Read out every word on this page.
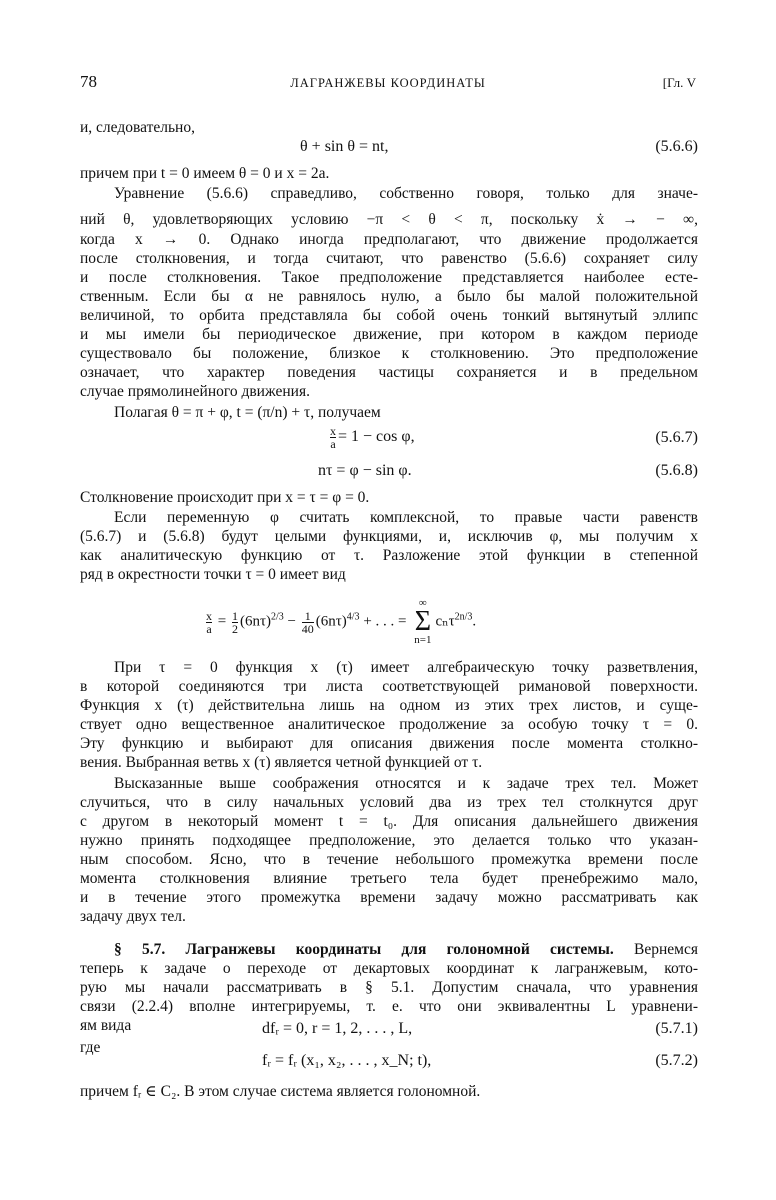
78	ЛАГРАНЖЕВЫ КООРДИНАТЫ	[Гл. V
и, следовательно,
θ + sin θ = nt,	(5.6.6)
причем при t = 0 имеем θ = 0 и x = 2a.
Уравнение (5.6.6) справедливо, собственно говоря, только для значе-
ний θ, удовлетворяющих условию −π < θ < π, поскольку ẋ → − ∞,
когда x → 0. Однако иногда предполагают, что движение продолжается
после столкновения, и тогда считают, что равенство (5.6.6) сохраняет силу
и после столкновения. Такое предположение представляется наиболее есте-
ственным. Если бы α не равнялось нулю, а было бы малой положительной
величиной, то орбита представляла бы собой очень тонкий вытянутый эллипс
и мы имели бы периодическое движение, при котором в каждом периоде
существовало бы положение, близкое к столкновению. Это предположение
означает, что характер поведения частицы сохраняется и в предельном
случае прямолинейного движения.
Полагая θ = π + φ, t = (π/n) + τ, получаем
$\frac{x}{a} = 1 - \cos \varphi$,	(5.6.7)
nτ = φ − sin φ.	(5.6.8)
Столкновение происходит при x = τ = φ = 0.
Если переменную φ считать комплексной, то правые части равенств
(5.6.7) и (5.6.8) будут целыми функциями, и, исключив φ, мы получим x
как аналитическую функцию от τ. Разложение этой функции в степенной
ряд в окрестности точки τ = 0 имеет вид
$\frac{x}{a} = \frac{1}{2} (6n\tau)^{2/3} - \frac{1}{40} (6n\tau)^{4/3}$ + . . . =
∞
Σ
n=1
cₙτ$^{2n/3}$.
При τ = 0 функция x (τ) имеет алгебраическую точку разветвления,
в которой соединяются три листа соответствующей римановой поверхности.
Функция x (τ) действительна лишь на одном из этих трех листов, и суще-
ствует одно вещественное аналитическое продолжение за особую точку τ = 0.
Эту функцию и выбирают для описания движения после момента столкно-
вения. Выбранная ветвь x (τ) является четной функцией от τ.
Высказанные выше соображения относятся и к задаче трех тел. Может
случиться, что в силу начальных условий два из трех тел столкнутся друг
с другом в некоторый момент t = t₀. Для описания дальнейшего движения
нужно принять подходящее предположение, это делается только что указан-
ным способом. Ясно, что в течение небольшого промежутка времени после
момента столкновения влияние третьего тела будет пренебрежимо мало,
и в течение этого промежутка времени задачу можно рассматривать как
задачу двух тел.
§ 5.7. Лагранжевы координаты для голономной системы. Вернемся
теперь к задаче о переходе от декартовых координат к лагранжевым, кото-
рую мы начали рассматривать в § 5.1. Допустим сначала, что уравнения
связи (2.2.4) вполне интегрируемы, т. е. что они эквивалентны L уравнени-
ям вида	dfᵣ = 0, r = 1, 2, . . . , L,	(5.7.1)
где
fᵣ = fᵣ (x₁, x₂, . . . , x_N; t),	(5.7.2)
причем fᵣ ∈ C₂. В этом случае система является голономной.
